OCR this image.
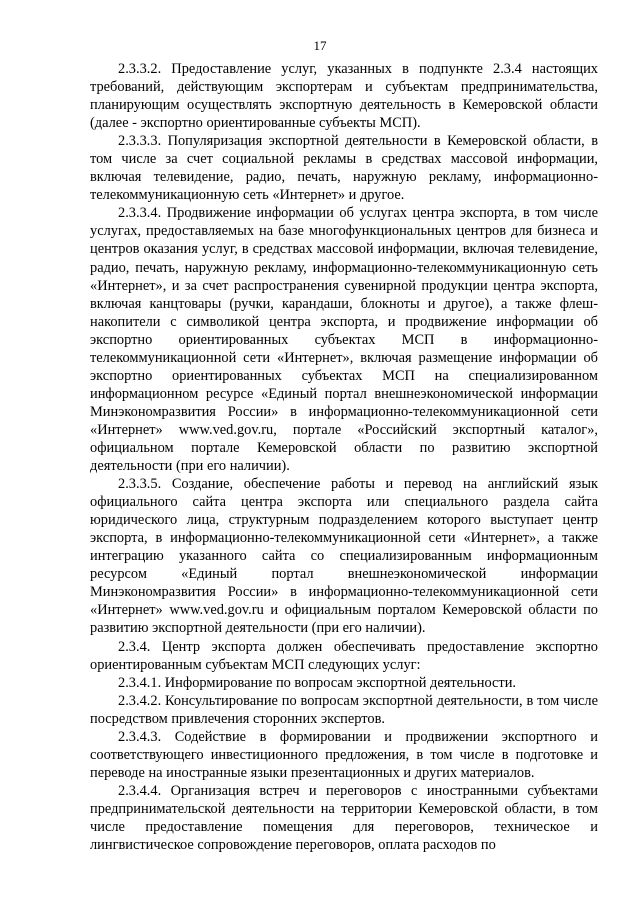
17

2.3.3.2. Предоставление услуг, указанных в подпункте 2.3.4 настоящих требований, действующим экспортерам и субъектам предпринимательства, планирующим осуществлять экспортную деятельность в Кемеровской области (далее - экспортно ориентированные субъекты МСП).

2.3.3.3. Популяризация экспортной деятельности в Кемеровской области, в том числе за счет социальной рекламы в средствах массовой информации, включая телевидение, радио, печать, наружную рекламу, информационно-телекоммуникационную сеть «Интернет» и другое.

2.3.3.4. Продвижение информации об услугах центра экспорта, в том числе услугах, предоставляемых на базе многофункциональных центров для бизнеса и центров оказания услуг, в средствах массовой информации, включая телевидение, радио, печать, наружную рекламу, информационно-телекоммуникационную сеть «Интернет», и за счет распространения сувенирной продукции центра экспорта, включая канцтовары (ручки, карандаши, блокноты и другое), а также флеш-накопители с символикой центра экспорта, и продвижение информации об экспортно ориентированных субъектах МСП в информационно-телекоммуникационной сети «Интернет», включая размещение информации об экспортно ориентированных субъектах МСП на специализированном информационном ресурсе «Единый портал внешнеэкономической информации Минэкономразвития России» в информационно-телекоммуникационной сети «Интернет» www.ved.gov.ru, портале «Российский экспортный каталог», официальном портале Кемеровской области по развитию экспортной деятельности (при его наличии).

2.3.3.5. Создание, обеспечение работы и перевод на английский язык официального сайта центра экспорта или специального раздела сайта юридического лица, структурным подразделением которого выступает центр экспорта, в информационно-телекоммуникационной сети «Интернет», а также интеграцию указанного сайта со специализированным информационным ресурсом «Единый портал внешнеэкономической информации Минэкономразвития России» в информационно-телекоммуникационной сети «Интернет» www.ved.gov.ru и официальным порталом Кемеровской области по развитию экспортной деятельности (при его наличии).

2.3.4. Центр экспорта должен обеспечивать предоставление экспортно ориентированным субъектам МСП следующих услуг:

2.3.4.1. Информирование по вопросам экспортной деятельности.

2.3.4.2. Консультирование по вопросам экспортной деятельности, в том числе посредством привлечения сторонних экспертов.

2.3.4.3. Содействие в формировании и продвижении экспортного и соответствующего инвестиционного предложения, в том числе в подготовке и переводе на иностранные языки презентационных и других материалов.

2.3.4.4. Организация встреч и переговоров с иностранными субъектами предпринимательской деятельности на территории Кемеровской области, в том числе предоставление помещения для переговоров, техническое и лингвистическое сопровождение переговоров, оплата расходов по
